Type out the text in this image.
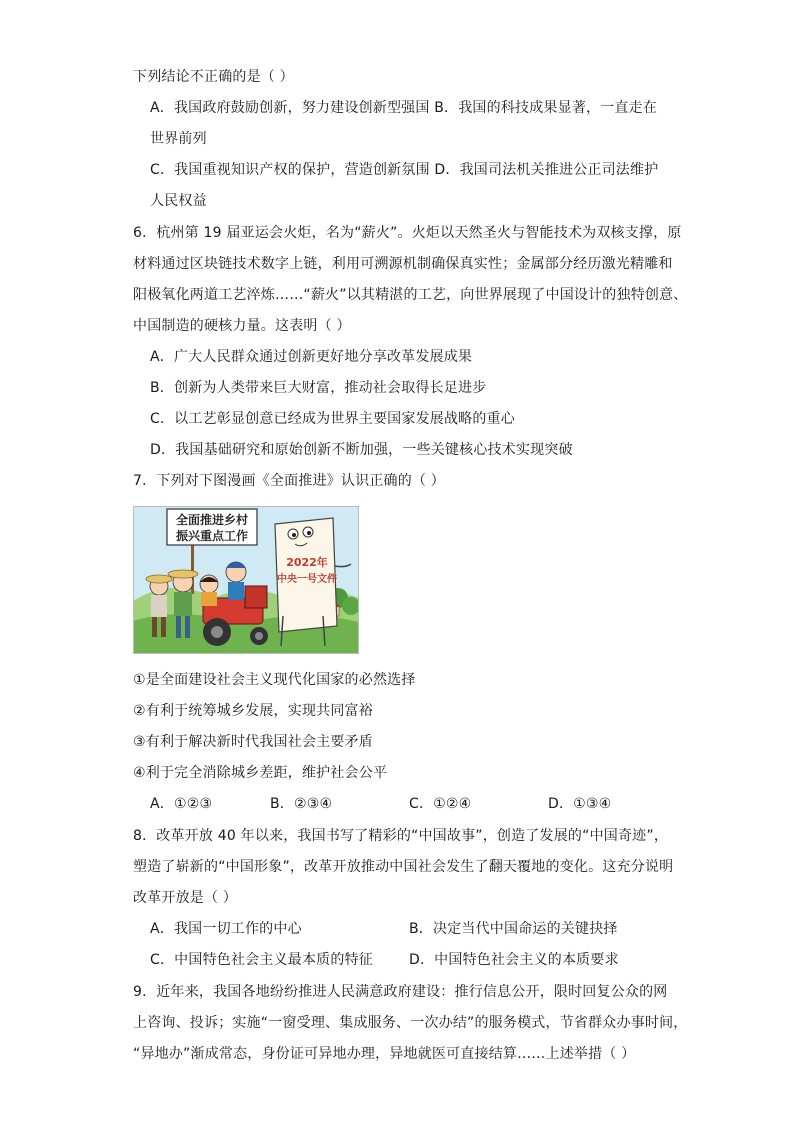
下列结论不正确的是（ ）
A．我国政府鼓励创新，努力建设创新型强国 B．我国的科技成果显著，一直走在
世界前列
C．我国重视知识产权的保护，营造创新氛围 D．我国司法机关推进公正司法维护
人民权益
6．杭州第 19 届亚运会火炬，名为“薪火”。火炬以天然圣火与智能技术为双核支撑，原
材料通过区块链技术数字上链，利用可溯源机制确保真实性；金属部分经历激光精雕和
阳极氧化两道工艺淬炼……“薪火”以其精湛的工艺，向世界展现了中国设计的独特创意、
中国制造的硬核力量。这表明（ ）
A．广大人民群众通过创新更好地分享改革发展成果
B．创新为人类带来巨大财富，推动社会取得长足进步
C．以工艺彰显创意已经成为世界主要国家发展战略的重心
D．我国基础研究和原始创新不断加强，一些关键核心技术实现突破
7．下列对下图漫画《全面推进》认识正确的（ ）
全面推进乡村
振兴重点工作
2022年
中央一号文件
①是全面建设社会主义现代化国家的必然选择
②有利于统筹城乡发展，实现共同富裕
③有利于解决新时代我国社会主要矛盾
④利于完全消除城乡差距，维护社会公平
A．①②③	B．②③④	C．①②④	D．①③④
8．改革开放 40 年以来，我国书写了精彩的“中国故事”，创造了发展的“中国奇迹”，
塑造了崭新的“中国形象”，改革开放推动中国社会发生了翻天覆地的变化。这充分说明
改革开放是（ ）
A．我国一切工作的中心	B．决定当代中国命运的关键抉择
C．中国特色社会主义最本质的特征	D．中国特色社会主义的本质要求
9．近年来，我国各地纷纷推进人民满意政府建设：推行信息公开，限时回复公众的网
上咨询、投诉；实施“一窗受理、集成服务、一次办结”的服务模式，节省群众办事时间，
“异地办”渐成常态，身份证可异地办理，异地就医可直接结算……上述举措（ ）
